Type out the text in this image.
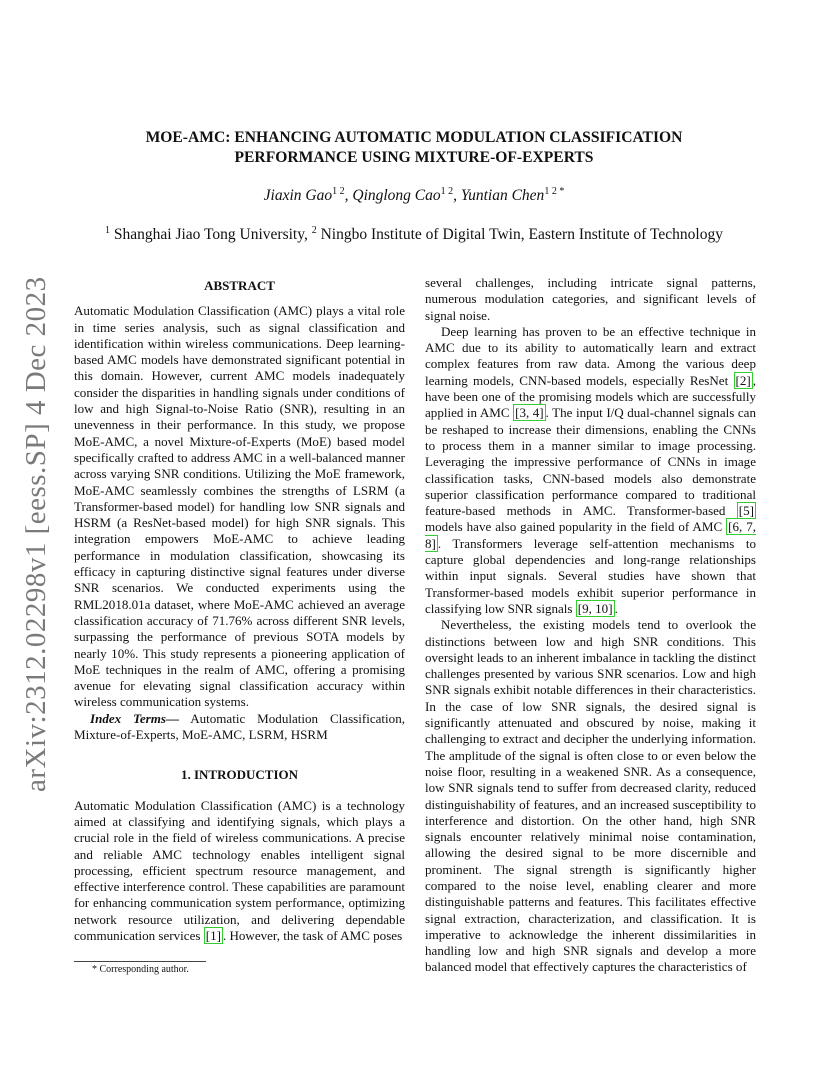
arXiv:2312.02298v1 [eess.SP] 4 Dec 2023
MOE-AMC: ENHANCING AUTOMATIC MODULATION CLASSIFICATION
PERFORMANCE USING MIXTURE-OF-EXPERTS
Jiaxin Gao$^{1 2}$, Qinglong Cao$^{1 2}$, Yuntian Chen$^{1 2 *}$
$^1$ Shanghai Jiao Tong University, $^2$ Ningbo Institute of Digital Twin, Eastern Institute of Technology
ABSTRACT

Automatic Modulation Classification (AMC) plays a vital role in time series analysis, such as signal classification and identification within wireless communications. Deep learning-based AMC models have demonstrated significant potential in this domain. However, current AMC models inadequately consider the disparities in handling signals under conditions of low and high Signal-to-Noise Ratio (SNR), resulting in an unevenness in their performance. In this study, we propose MoE-AMC, a novel Mixture-of-Experts (MoE) based model specifically crafted to address AMC in a well-balanced manner across varying SNR conditions. Utilizing the MoE framework, MoE-AMC seamlessly combines the strengths of LSRM (a Transformer-based model) for handling low SNR signals and HSRM (a ResNet-based model) for high SNR signals. This integration empowers MoE-AMC to achieve leading performance in modulation classification, showcasing its efficacy in capturing distinctive signal features under diverse SNR scenarios. We conducted experiments using the RML2018.01a dataset, where MoE-AMC achieved an average classification accuracy of 71.76% across different SNR levels, surpassing the performance of previous SOTA models by nearly 10%. This study represents a pioneering application of MoE techniques in the realm of AMC, offering a promising avenue for elevating signal classification accuracy within wireless communication systems.

Index Terms— Automatic Modulation Classification, Mixture-of-Experts, MoE-AMC, LSRM, HSRM

1. INTRODUCTION

Automatic Modulation Classification (AMC) is a technology aimed at classifying and identifying signals, which plays a crucial role in the field of wireless communications. A precise and reliable AMC technology enables intelligent signal processing, efficient spectrum resource management, and effective interference control. These capabilities are paramount for enhancing communication system performance, optimizing network resource utilization, and delivering dependable communication services [1] . However, the task of AMC poses

several challenges, including intricate signal patterns, numerous modulation categories, and significant levels of signal noise.

Deep learning has proven to be an effective technique in AMC due to its ability to automatically learn and extract complex features from raw data. Among the various deep learning models, CNN-based models, especially ResNet [2] , have been one of the promising models which are successfully applied in AMC [3, 4] . The input I/Q dual-channel signals can be reshaped to increase their dimensions, enabling the CNNs to process them in a manner similar to image processing. Leveraging the impressive performance of CNNs in image classification tasks, CNN-based models also demonstrate superior classification performance compared to traditional feature-based methods in AMC. Transformer-based [5] models have also gained popularity in the field of AMC [6, 7, 8] . Transformers leverage self-attention mechanisms to capture global dependencies and long-range relationships within input signals. Several studies have shown that Transformer-based models exhibit superior performance in classifying low SNR signals [9, 10] .

Nevertheless, the existing models tend to overlook the distinctions between low and high SNR conditions. This oversight leads to an inherent imbalance in tackling the distinct challenges presented by various SNR scenarios. Low and high SNR signals exhibit notable differences in their characteristics. In the case of low SNR signals, the desired signal is significantly attenuated and obscured by noise, making it challenging to extract and decipher the underlying information. The amplitude of the signal is often close to or even below the noise floor, resulting in a weakened SNR. As a consequence, low SNR signals tend to suffer from decreased clarity, reduced distinguishability of features, and an increased susceptibility to interference and distortion. On the other hand, high SNR signals encounter relatively minimal noise contamination, allowing the desired signal to be more discernible and prominent. The signal strength is significantly higher compared to the noise level, enabling clearer and more distinguishable patterns and features. This facilitates effective signal extraction, characterization, and classification. It is imperative to acknowledge the inherent dissimilarities in handling low and high SNR signals and develop a more balanced model that effectively captures the characteristics of

* Corresponding author.
